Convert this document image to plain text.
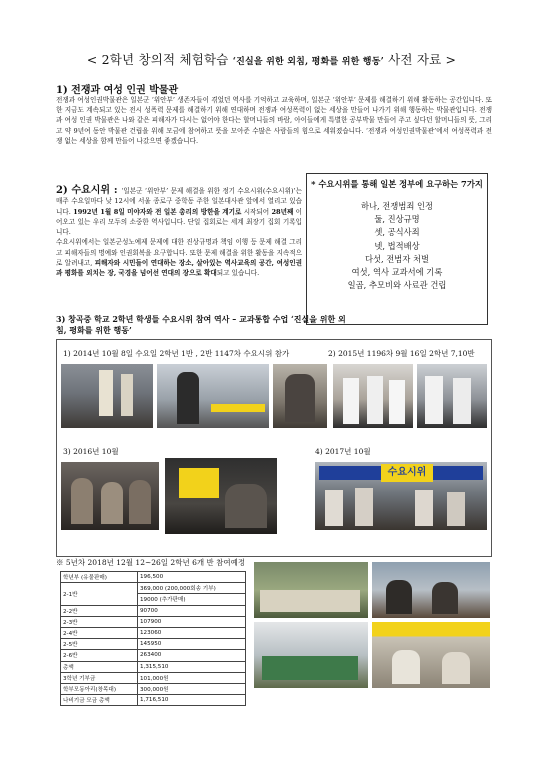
< 2학년 창의적 체험학습 ‘진실을 위한 외침, 평화를 위한 행동’ 사전 자료 >
1) 전쟁과 여성 인권 박물관
전쟁과 여성인권박물관은 일본군 ‘위안부’ 생존자들이 겪었던 역사를 기억하고 교육하며, 일본군 ‘위안부’ 문제를 해결하기 위해 활동하는 공간입니다. 또한 지금도 계속되고 있는 전시 성폭력 문제를 해결하기 위해 연대하며 전쟁과 여성폭력이 없는 세상을 만들어 나가기 위해 행동하는 박물관입니다. 전쟁과 여성 인권 박물관은 나와 같은 피해자가 다시는 없어야 한다는 할머니들의 바람, 아이들에게 특별한 공부박물 만들어 주고 싶다던 할머니들의 뜻, 그리고 약 9년여 동안 박물관 건립을 위해 모금에 참여하고 뜻을 모아준 수많은 사람들의 힘으로 세워졌습니다. ‘전쟁과 여성인권박물관’에서 여성폭력과 전쟁 없는 세상을 함께 만들어 나갔으면 좋겠습니다.
2) 수요시위 : ‘일본군 ‘위안부’ 문제 해결을 위한 정기 수요시위(수요시위)’는 매주 수요일마다 낮 12시에 서울 종로구 중학동 주한 일본대사관 앞에서 열리고 있습니다. 1992년 1월 8일 미야자와 전 일본 총리의 방한을 계기로 시작되어 28년째 이어오고 있는 우리 모두의 소중한 역사입니다. 단일 집회로는 세계 최장기 집회 기록입니다.
수요시위에서는 일본군성노예제 문제에 대한 진상규명과 책임 이행 등 문제 해결 그리고 피해자들의 명예와 인권회복을 요구합니다. 또한 문제 해결을 위한 활동을 지속적으로 알려내고, 피해자와 시민들이 연대하는 장소, 살아있는 역사교육의 공간, 여성인권과 평화를 외치는 장, 국경을 넘어선 연대의 장으로 확대되고 있습니다.
* 수요시위를 통해 일본 정부에 요구하는 7가지
하나, 전쟁범죄 인정
둘, 진상규명
셋, 공식사죄
넷, 법적배상
다섯, 전범자 처벌
여섯, 역사 교과서에 기록
일곱, 추모비와 사료관 건립
3) 창곡중 학교 2학년 학생들 수요시위 참여 역사 – 교과통합 수업 ‘진실을 위한 외침, 평화를 위한 행동’
1) 2014년 10월 8일 수요일 2학년 1반 , 2반 1147차 수요시위 참가	2) 2015년 1196차 9월 16일 2학년 7,10반
3) 2016년 10월	4) 2017년 10월
수요시위
※ 5년차 2018년 12월 12~26일 2학년 6개 반 참여예정
학년부 (유물판매)	196,500
2-1반	369,000 (200,000회송 기부)
	19000 (추가판매)
2-2반	90700
2-3반	107900
2-4반	123060
2-5반	145950
2-6반	263400
총액	1,315,510
3학년 기부금	101,000원
학부모동아리(창목대)	300,000원
나비기금 모금 총액	1,716,510
